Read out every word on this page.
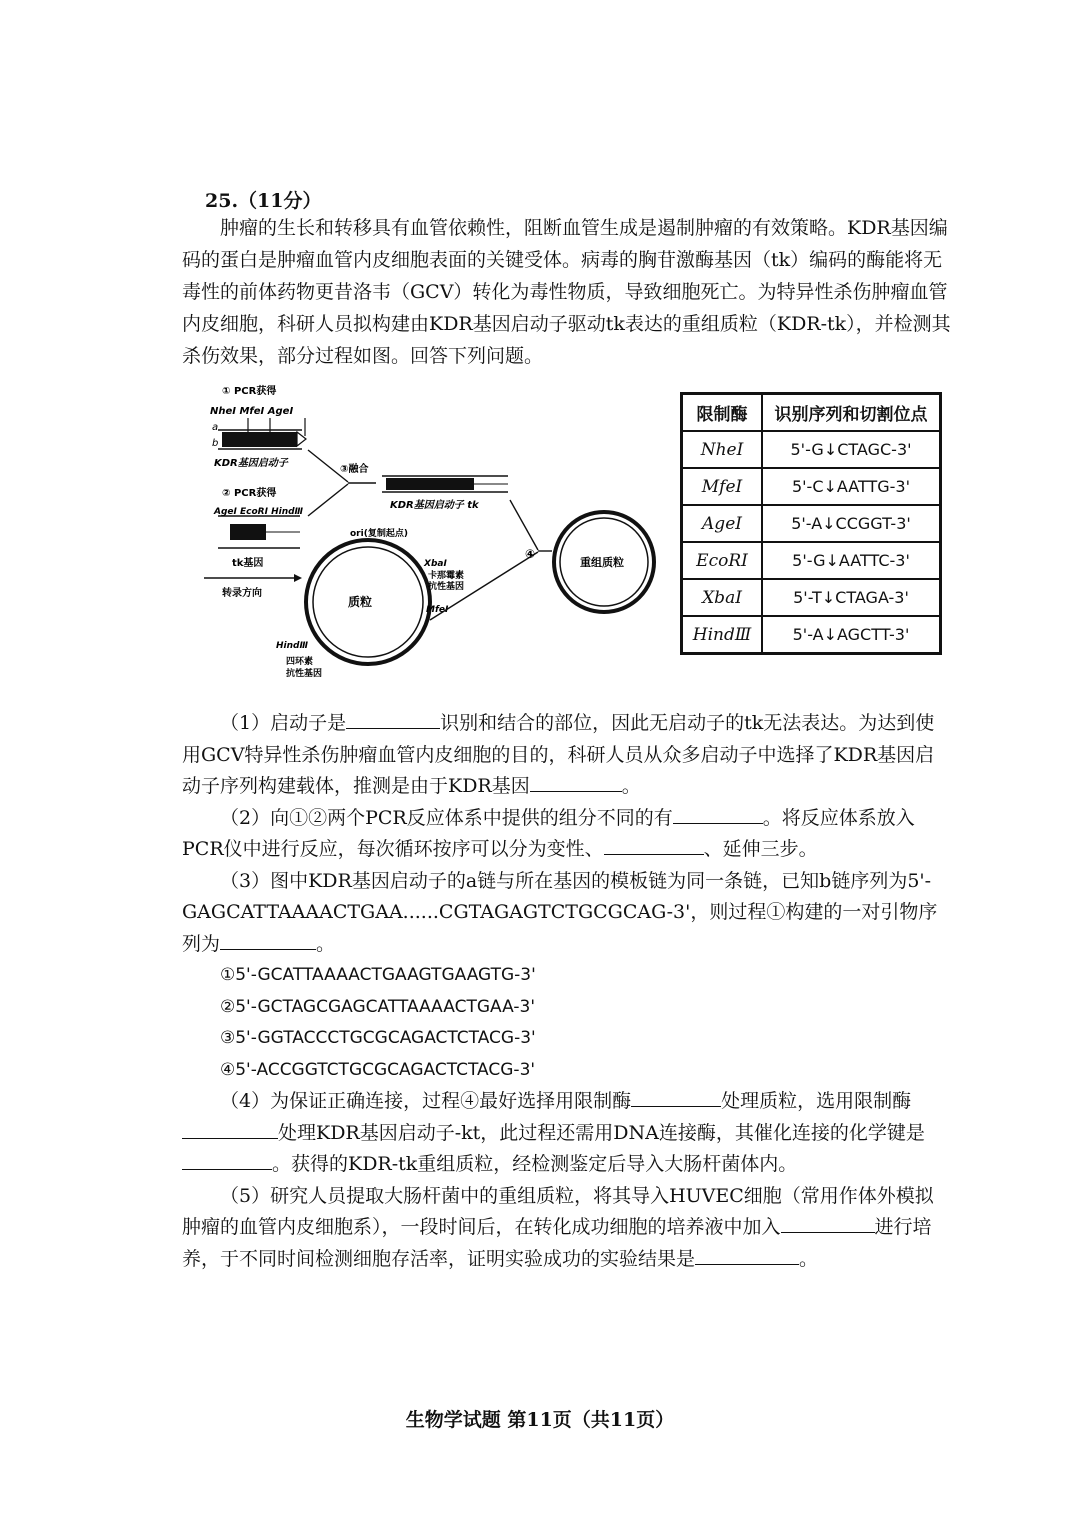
25.（11分）

肿瘤的生长和转移具有血管依赖性，阻断血管生成是遏制肿瘤的有效策略。KDR基因编码的蛋白是肿瘤血管内皮细胞表面的关键受体。病毒的胸苷激酶基因（tk）编码的酶能将无毒性的前体药物更昔洛韦（GCV）转化为毒性物质，导致细胞死亡。为特异性杀伤肿瘤血管内皮细胞，科研人员拟构建由KDR基因启动子驱动tk表达的重组质粒（KDR-tk），并检测其杀伤效果，部分过程如图。回答下列问题。

① PCR获得
NheⅠ MfeⅠ AgeⅠ
a
b
KDR基因启动子
③融合
KDR基因启动子 tk
② PCR获得
AgeⅠ EcoRⅠ HindⅢ
tk基因
转录方向
ori(复制起点)
XbaⅠ
卡那霉素
抗性基因
MfeⅠ
质粒
HindⅢ
四环素
抗性基因
④
重组质粒
限制酶	识别序列和切割位点
NheⅠ	5'-G↓CTAGC-3'
MfeⅠ	5'-C↓AATTG-3'
AgeⅠ	5'-A↓CCGGT-3'
EcoRⅠ	5'-G↓AATTC-3'
XbaⅠ	5'-T↓CTAGA-3'
HindⅢ	5'-A↓AGCTT-3'

（1）启动子是	识别和结合的部位，因此无启动子的tk无法表达。为达到使用GCV特异性杀伤肿瘤血管内皮细胞的目的，科研人员从众多启动子中选择了KDR基因启动子序列构建载体，推测是由于KDR基因	。

（2）向①②两个PCR反应体系中提供的组分不同的有	。将反应体系放入PCR仪中进行反应，每次循环按序可以分为变性、	、延伸三步。

（3）图中KDR基因启动子的a链与所在基因的模板链为同一条链，已知b链序列为5'-GAGCATTAAAACTGAA......CGTAGAGTCTGCGCAG-3'，则过程①构建的一对引物序列为	。

①5'-GCATTAAAACTGAAGTGAAGTG-3'

②5'-GCTAGCGAGCATTAAAACTGAA-3'

③5'-GGTACCCTGCGCAGACTCTACG-3'

④5'-ACCGGTCTGCGCAGACTCTACG-3'

（4）为保证正确连接，过程④最好选择用限制酶	处理质粒，选用限制酶处理KDR基因启动子-kt，此过程还需用DNA连接酶，其催化连接的化学键是。获得的KDR-tk重组质粒，经检测鉴定后导入大肠杆菌体内。

（5）研究人员提取大肠杆菌中的重组质粒，将其导入HUVEC细胞（常用作体外模拟肿瘤的血管内皮细胞系），一段时间后，在转化成功细胞的培养液中加入	进行培养，于不同时间检测细胞存活率，证明实验成功的实验结果是	。

生物学试题 第11页（共11页）
